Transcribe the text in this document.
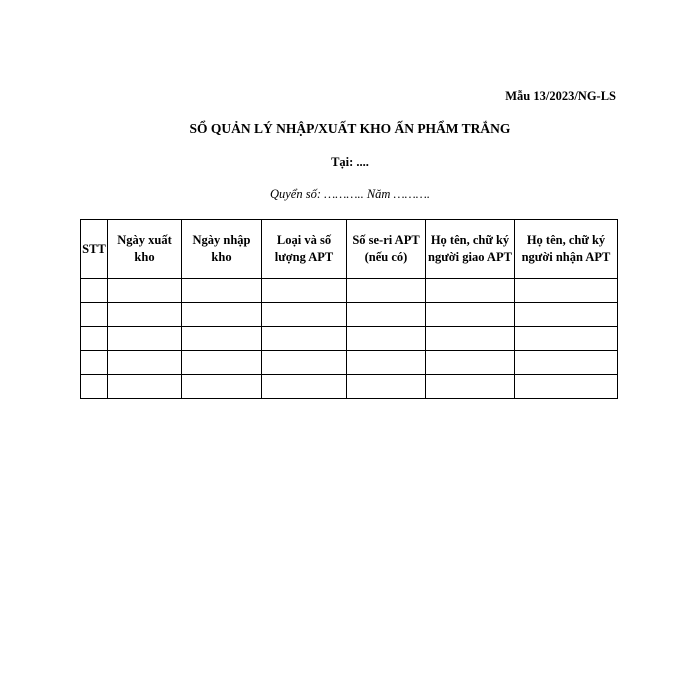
Mẫu 13/2023/NG-LS
SỔ QUẢN LÝ NHẬP/XUẤT KHO ẤN PHẨM TRẮNG
Tại: ....
Quyển số: ……….. Năm ……….
STT	Ngày xuất kho	Ngày nhập kho	Loại và số lượng APT	Số se-ri APT (nếu có)	Họ tên, chữ ký người giao APT	Họ tên, chữ ký người nhận APT
